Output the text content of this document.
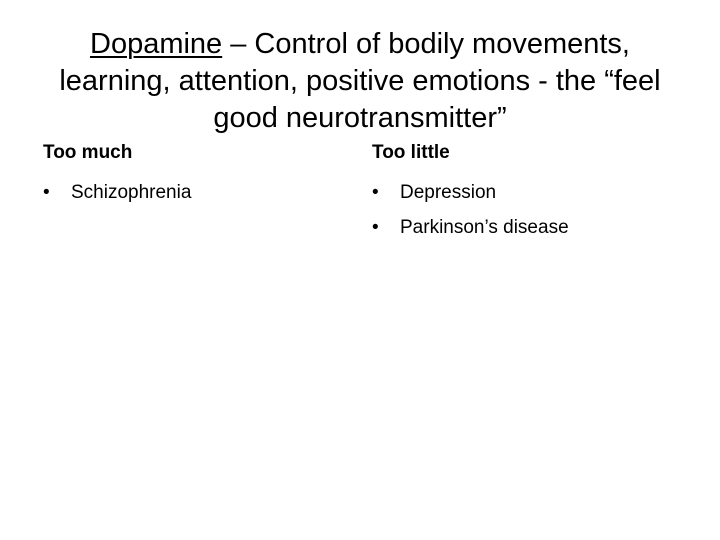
Dopamine – Control of bodily movements,
learning, attention, positive emotions - the “feel
good neurotransmitter”

Too much

• Schizophrenia

Too little

• Depression
• Parkinson’s disease
